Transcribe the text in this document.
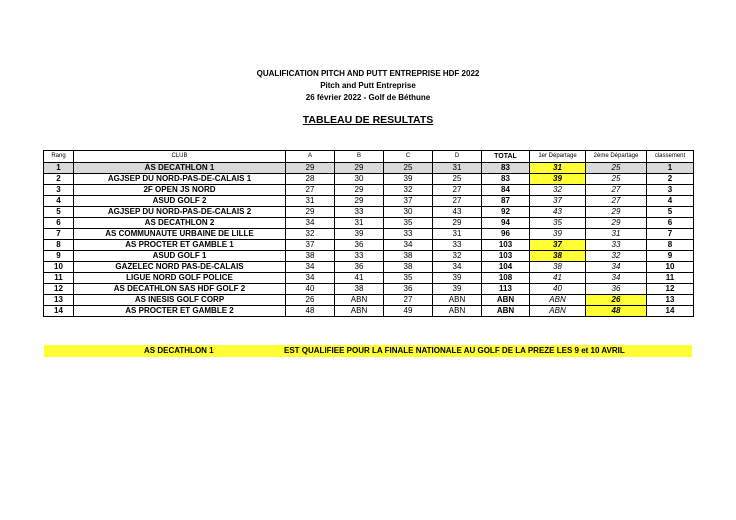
QUALIFICATION PITCH AND PUTT ENTREPRISE HDF 2022
Pitch and Putt Entreprise
26 février 2022 - Golf de Béthune
TABLEAU DE RESULTATS
Rang	CLUB	A	B	C	D	TOTAL	1er Départage	2ème Départage	classement
1	AS DECATHLON 1	29	29	25	31	83	31	25	1
2	AGJSEP DU NORD-PAS-DE-CALAIS 1	28	30	39	25	83	39	25	2
3	2F OPEN JS NORD	27	29	32	27	84	32	27	3
4	ASUD GOLF 2	31	29	37	27	87	37	27	4
5	AGJSEP DU NORD-PAS-DE-CALAIS 2	29	33	30	43	92	43	29	5
6	AS DECATHLON 2	34	31	35	29	94	35	29	6
7	AS COMMUNAUTE URBAINE DE LILLE	32	39	33	31	96	39	31	7
8	AS PROCTER ET GAMBLE 1	37	36	34	33	103	37	33	8
9	ASUD GOLF 1	38	33	38	32	103	38	32	9
10	GAZELEC NORD PAS-DE-CALAIS	34	36	38	34	104	38	34	10
11	LIGUE NORD GOLF POLICE	34	41	35	39	108	41	34	11
12	AS DECATHLON SAS HDF GOLF 2	40	38	36	39	113	40	36	12
13	AS INESIS GOLF CORP	26	ABN	27	ABN	ABN	ABN	26	13
14	AS PROCTER ET GAMBLE 2	48	ABN	49	ABN	ABN	ABN	48	14
AS DECATHLON 1	EST QUALIFIEE POUR LA FINALE NATIONALE AU GOLF DE LA PREZE LES 9 et 10 AVRIL
